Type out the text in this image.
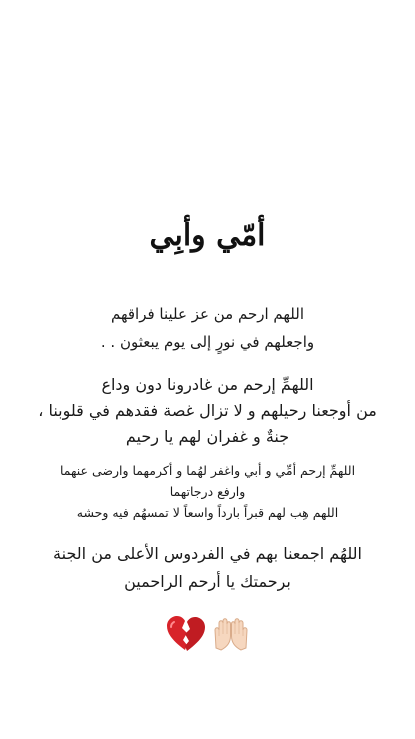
أمّي وأبِي
اللهم ارحم من عز علينا فراقهم
واجعلهم في نورٍ إلى يوم يبعثون . .
اللهمِّ إرحم من غادرونا دون وداع
من أوجعنا رحيلهم و لا تزال غصة فقدهم في قلوبنا ،
جنةٌ و غفران لهم يا رحيم
اللهمِّ إرحم أمِّي و أبي واغفر لهُما و أكرمهما وارضى عنهما
وارفع درجاتهما
اللهم هِب لهم قبراً بارداً واسعاً لا تمسهُم فيه وحشه
اللهُم اجمعنا بهم في الفردوس الأعلى من الجنة
برحمتك يا أرحم الراحمين
